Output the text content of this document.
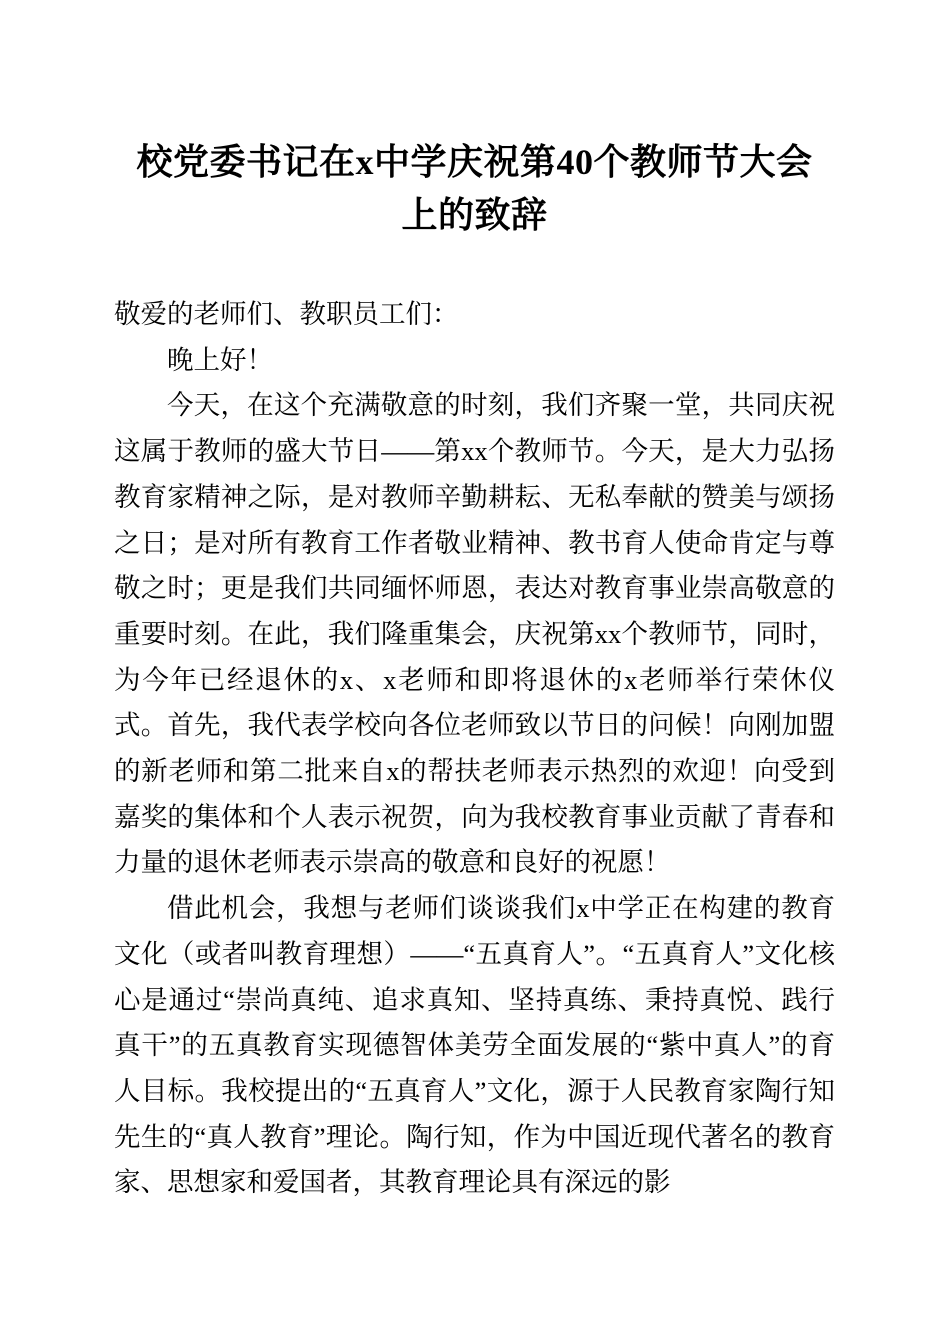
校党委书记在x中学庆祝第40个教师节大会上的致辞

敬爱的老师们、教职员工们：

晚上好！

今天，在这个充满敬意的时刻，我们齐聚一堂，共同庆祝这属于教师的盛大节日——第xx个教师节。今天，是大力弘扬教育家精神之际，是对教师辛勤耕耘、无私奉献的赞美与颂扬之日；是对所有教育工作者敬业精神、教书育人使命肯定与尊敬之时；更是我们共同缅怀师恩，表达对教育事业崇高敬意的重要时刻。在此，我们隆重集会，庆祝第xx个教师节，同时，为今年已经退休的x、x老师和即将退休的x老师举行荣休仪式。首先，我代表学校向各位老师致以节日的问候！向刚加盟的新老师和第二批来自x的帮扶老师表示热烈的欢迎！向受到嘉奖的集体和个人表示祝贺，向为我校教育事业贡献了青春和力量的退休老师表示崇高的敬意和良好的祝愿！

借此机会，我想与老师们谈谈我们x中学正在构建的教育文化（或者叫教育理想）——“五真育人”。“五真育人”文化核心是通过“崇尚真纯、追求真知、坚持真练、秉持真悦、践行真干”的五真教育实现德智体美劳全面发展的“紫中真人”的育人目标。我校提出的“五真育人”文化，源于人民教育家陶行知先生的“真人教育”理论。陶行知，作为中国近现代著名的教育家、思想家和爱国者，其教育理论具有深远的影
